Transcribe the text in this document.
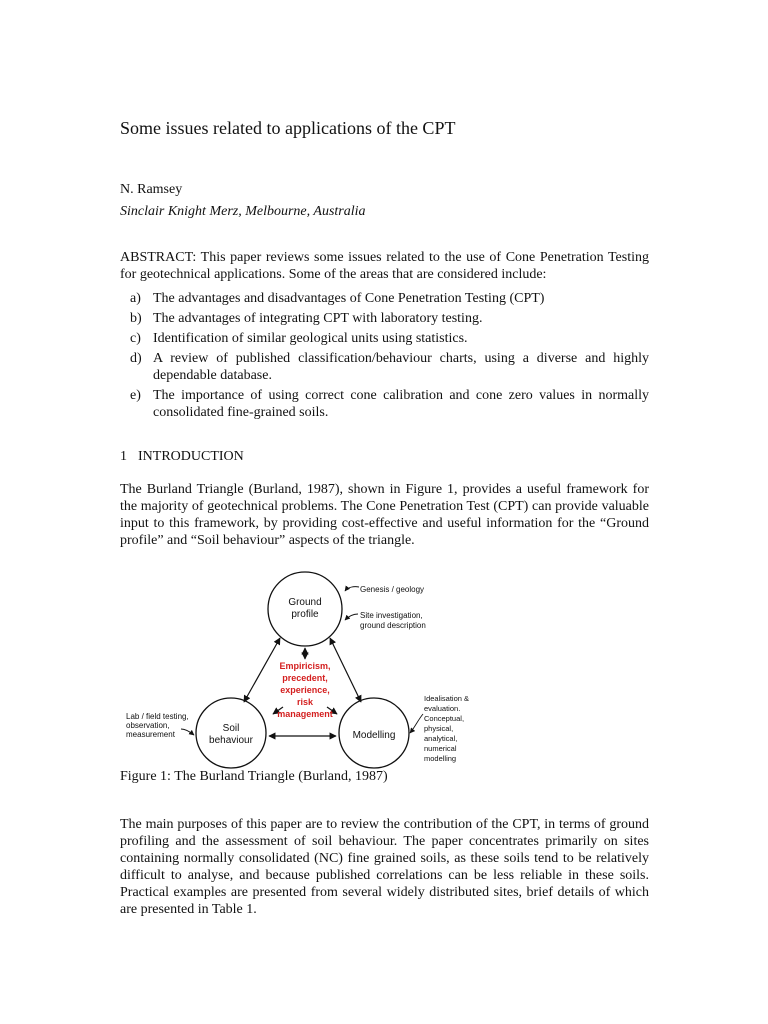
Some issues related to applications of the CPT
N. Ramsey
Sinclair Knight Merz, Melbourne, Australia
ABSTRACT: This paper reviews some issues related to the use of Cone Penetration Testing for geotechnical applications. Some of the areas that are considered include:
a) The advantages and disadvantages of Cone Penetration Testing (CPT)
b) The advantages of integrating CPT with laboratory testing.
c) Identification of similar geological units using statistics.
d) A review of published classification/behaviour charts, using a diverse and highly dependable database.
e) The importance of using correct cone calibration and cone zero values in normally consolidated fine-grained soils.
1 INTRODUCTION
The Burland Triangle (Burland, 1987), shown in Figure 1, provides a useful framework for the majority of geotechnical problems. The Cone Penetration Test (CPT) can provide valuable input to this framework, by providing cost-effective and useful information for the “Ground profile” and “Soil behaviour” aspects of the triangle.
Ground
profile
Soil
behaviour	Modelling
Empiricism,
precedent,
experience,
risk
management
Genesis / geology
Site investigation,
ground description
Lab / field testing,
observation,
measurement
Idealisation &
evaluation.
Conceptual,
physical,
analytical,
numerical
modelling
Figure 1: The Burland Triangle (Burland, 1987)
The main purposes of this paper are to review the contribution of the CPT, in terms of ground profiling and the assessment of soil behaviour. The paper concentrates primarily on sites containing normally consolidated (NC) fine grained soils, as these soils tend to be relatively difficult to analyse, and because published correlations can be less reliable in these soils. Practical examples are presented from several widely distributed sites, brief details of which are presented in Table 1.
